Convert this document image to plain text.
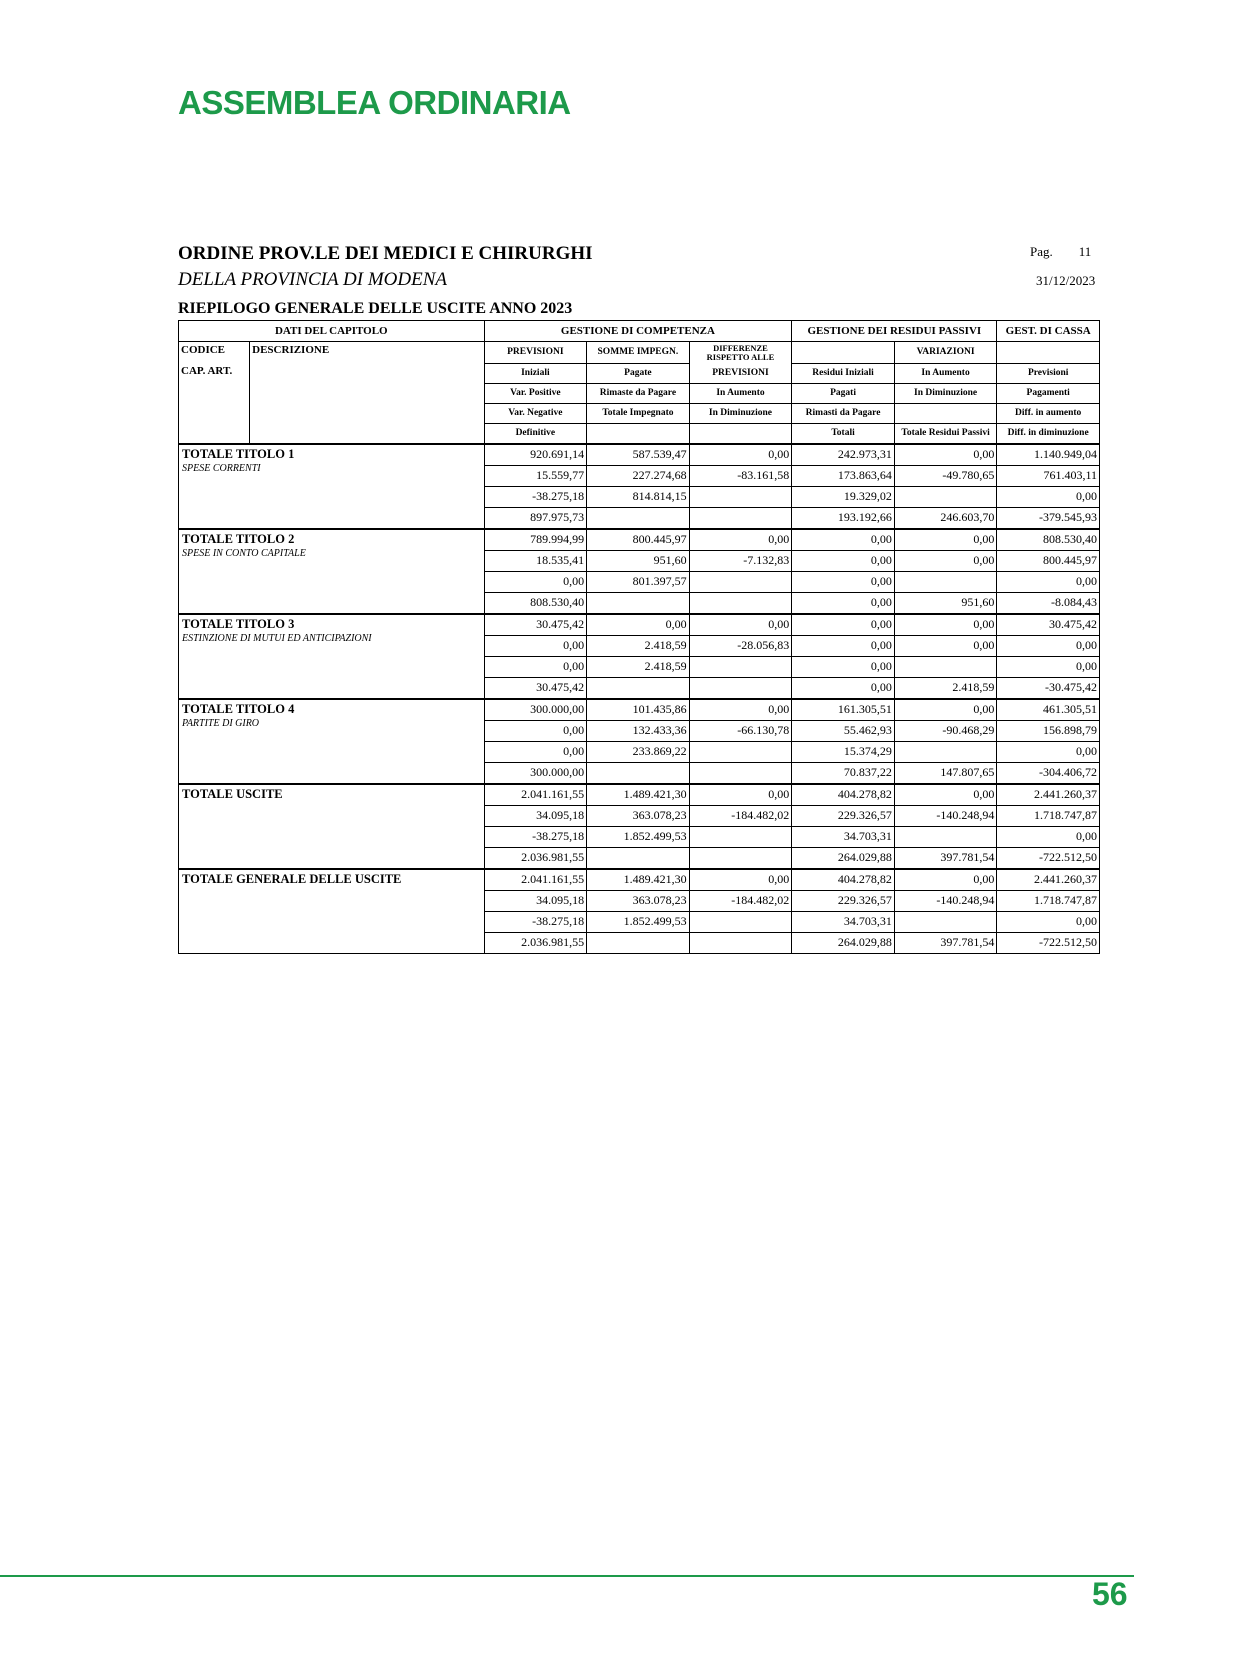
ASSEMBLEA ORDINARIA
ORDINE PROV.LE DEI MEDICI E CHIRURGHI
DELLA PROVINCIA DI MODENA
Pag. 11
31/12/2023
RIEPILOGO GENERALE DELLE USCITE ANNO 2023
DATI DEL CAPITOLO		GESTIONE DI COMPETENZA			GESTIONE DEI RESIDUI PASSIVI		GEST. DI CASSA
CODICE	DESCRIZIONE	PREVISIONI	SOMME IMPEGN.	DIFFERENZE RISPETTO ALLE		VARIAZIONI	
CAP. ART.		Iniziali	Pagate	PREVISIONI	Residui Iniziali	In Aumento	Previsioni
		Var. Positive	Rimaste da Pagare	In Aumento	Pagati	In Diminuzione	Pagamenti
		Var. Negative	Totale Impegnato	In Diminuzione	Rimasti da Pagare		Diff. in aumento
		Definitive			Totali	Totale Residui Passivi	Diff. in diminuzione

TOTALE TITOLO 1
SPESE CORRENTI		920.691,14	587.539,47	0,00	242.973,31	0,00	1.140.949,04
		15.559,77	227.274,68	-83.161,58	173.863,64	-49.780,65	761.403,11
		-38.275,18	814.814,15		19.329,02		0,00
		897.975,73			193.192,66	246.603,70	-379.545,93

TOTALE TITOLO 2
SPESE IN CONTO CAPITALE		789.994,99	800.445,97	0,00	0,00	0,00	808.530,40
		18.535,41	951,60	-7.132,83	0,00	0,00	800.445,97
		0,00	801.397,57		0,00		0,00
		808.530,40			0,00	951,60	-8.084,43

TOTALE TITOLO 3
ESTINZIONE DI MUTUI ED ANTICIPAZIONI		30.475,42	0,00	0,00	0,00	0,00	30.475,42
		0,00	2.418,59	-28.056,83	0,00	0,00	0,00
		0,00	2.418,59		0,00		0,00
		30.475,42			0,00	2.418,59	-30.475,42

TOTALE TITOLO 4
PARTITE DI GIRO		300.000,00	101.435,86	0,00	161.305,51	0,00	461.305,51
		0,00	132.433,36	-66.130,78	55.462,93	-90.468,29	156.898,79
		0,00	233.869,22		15.374,29		0,00
		300.000,00			70.837,22	147.807,65	-304.406,72

TOTALE USCITE		2.041.161,55	1.489.421,30	0,00	404.278,82	0,00	2.441.260,37
		34.095,18	363.078,23	-184.482,02	229.326,57	-140.248,94	1.718.747,87
		-38.275,18	1.852.499,53		34.703,31		0,00
		2.036.981,55			264.029,88	397.781,54	-722.512,50

TOTALE GENERALE DELLE USCITE		2.041.161,55	1.489.421,30	0,00	404.278,82	0,00	2.441.260,37
		34.095,18	363.078,23	-184.482,02	229.326,57	-140.248,94	1.718.747,87
		-38.275,18	1.852.499,53		34.703,31		0,00
		2.036.981,55			264.029,88	397.781,54	-722.512,50
56
